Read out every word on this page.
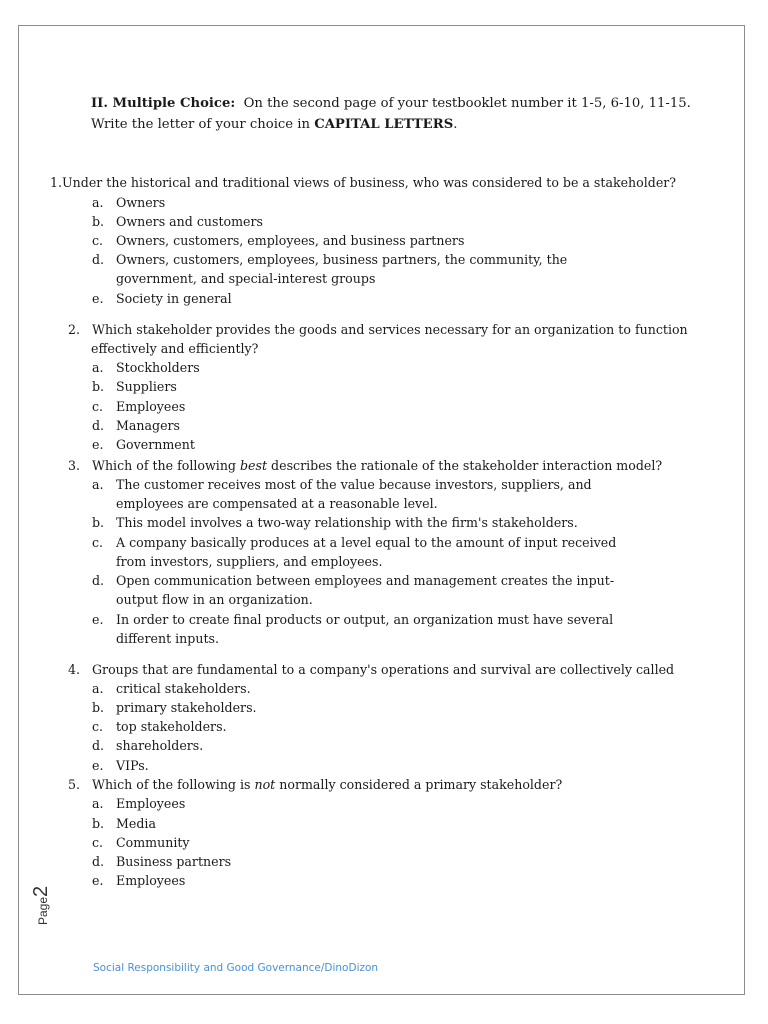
II. Multiple Choice: On the second page of your testbooklet number it 1-5, 6-10, 11-15.
Write the letter of your choice in CAPITAL LETTERS.
1.Under the historical and traditional views of business, who was considered to be a stakeholder?
a. Owners
b. Owners and customers
c. Owners, customers, employees, and business partners
d. Owners, customers, employees, business partners, the community, the
government, and special-interest groups
e. Society in general
2. Which stakeholder provides the goods and services necessary for an organization to function
effectively and efficiently?
a. Stockholders
b. Suppliers
c. Employees
d. Managers
e. Government
3. Which of the following best describes the rationale of the stakeholder interaction model?
a. The customer receives most of the value because investors, suppliers, and
employees are compensated at a reasonable level.
b. This model involves a two-way relationship with the firm's stakeholders.
c. A company basically produces at a level equal to the amount of input received
from investors, suppliers, and employees.
d. Open communication between employees and management creates the input-
output flow in an organization.
e. In order to create final products or output, an organization must have several
different inputs.
4. Groups that are fundamental to a company's operations and survival are collectively called
a. critical stakeholders.
b. primary stakeholders.
c. top stakeholders.
d. shareholders.
e. VIPs.
5. Which of the following is not normally considered a primary stakeholder?
a. Employees
b. Media
c. Community
d. Business partners
e. Employees
Page2
Social Responsibility and Good Governance/DinoDizon
